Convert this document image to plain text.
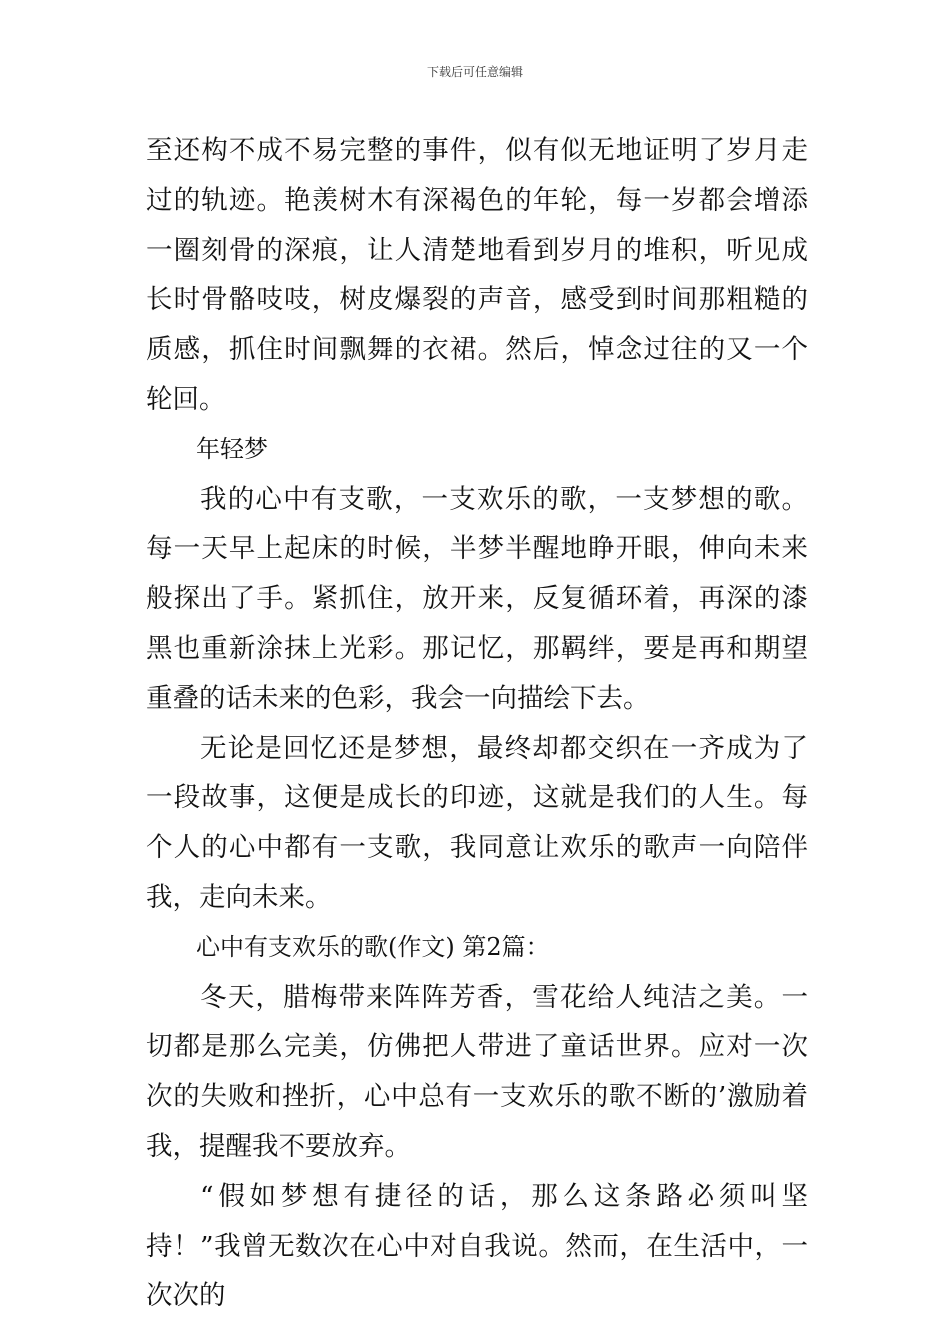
下载后可任意编辑

至还构不成不易完整的事件，似有似无地证明了岁月走过的轨迹。艳羡树木有深褐色的年轮，每一岁都会增添一圈刻骨的深痕，让人清楚地看到岁月的堆积，听见成长时骨骼吱吱，树皮爆裂的声音，感受到时间那粗糙的质感，抓住时间飘舞的衣裙。然后，悼念过往的又一个轮回。

年轻梦

我的心中有支歌，一支欢乐的歌，一支梦想的歌。每一天早上起床的时候，半梦半醒地睁开眼，伸向未来般探出了手。紧抓住，放开来，反复循环着，再深的漆黑也重新涂抹上光彩。那记忆，那羁绊，要是再和期望重叠的话未来的色彩，我会一向描绘下去。

无论是回忆还是梦想，最终却都交织在一齐成为了一段故事，这便是成长的印迹，这就是我们的人生。每个人的心中都有一支歌，我同意让欢乐的歌声一向陪伴我，走向未来。

心中有支欢乐的歌(作文) 第2篇：

冬天，腊梅带来阵阵芳香，雪花给人纯洁之美。一切都是那么完美，仿佛把人带进了童话世界。应对一次次的失败和挫折，心中总有一支欢乐的歌不断的’激励着我，提醒我不要放弃。

“假如梦想有捷径的话，那么这条路必须叫坚持！”我曾无数次在心中对自我说。然而，在生活中，一次次的
